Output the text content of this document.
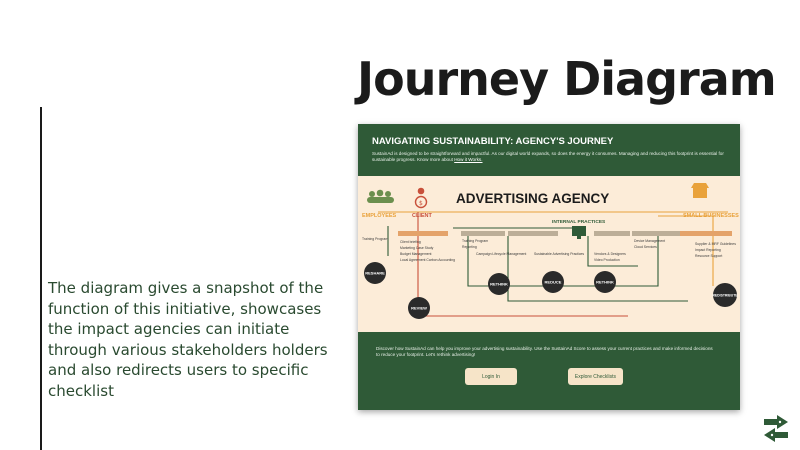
Journey Diagram
The diagram gives a snapshot of the function of this initiative, showcases the impact agencies can initiate through various stakeholders holders and also redirects users to specific checklist
NAVIGATING SUSTAINABILITY: AGENCY'S JOURNEY
SustainAd is designed to be straightforward and impactful. As our digital world expands, so does the energy it consumes. Managing and reducing this footprint is essential for sustainable progress. Know more about How it Works.
ADVERTISING AGENCY
INTERNAL PRACTICES
EMPLOYEES
$
CLIENT	SMALL BUSINESSES
Training Program
Client briefing
Marketing Case Study
Budget Management
Local Agreement Carbon Accounting
Training Program
Reporting
Campaign Lifecycle Management Sustainable Advertising Practices	Vendors & Designers
Video Production
Device Management
Cloud Services
Supplier & MRF Guidelines
Impact Reporting
Resource Support
RESHARE
REVIEW
RETHINK	REDUCE	RETHINK
REDISTRIBUTE
Discover how SustainAd can help you improve your advertising sustainability. Use the SustainAd Score to assess your current practices and make informed decisions to reduce your footprint. Let's rethink advertising!
Login In	Explore Checklists
